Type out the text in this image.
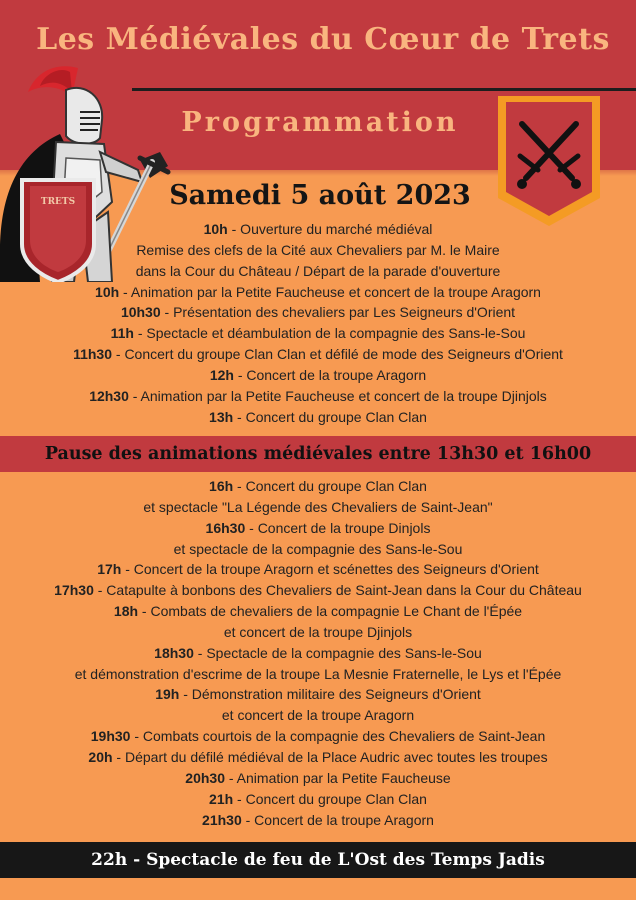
Les Médiévales du Cœur de Trets
Programmation
TRETS	Samedi 5 août 2023
10h - Ouverture du marché médiéval
Remise des clefs de la Cité aux Chevaliers par M. le Maire
dans la Cour du Château / Départ de la parade d'ouverture
10h - Animation par la Petite Faucheuse et concert de la troupe Aragorn
10h30 - Présentation des chevaliers par Les Seigneurs d'Orient
11h - Spectacle et déambulation de la compagnie des Sans-le-Sou
11h30 - Concert du groupe Clan Clan et défilé de mode des Seigneurs d'Orient
12h - Concert de la troupe Aragorn
12h30 - Animation par la Petite Faucheuse et concert de la troupe Djinjols
13h - Concert du groupe Clan Clan
Pause des animations médiévales entre 13h30 et 16h00
16h - Concert du groupe Clan Clan
et spectacle "La Légende des Chevaliers de Saint-Jean"
16h30 - Concert de la troupe Dinjols
et spectacle de la compagnie des Sans-le-Sou
17h - Concert de la troupe Aragorn et scénettes des Seigneurs d'Orient
17h30 - Catapulte à bonbons des Chevaliers de Saint-Jean dans la Cour du Château
18h - Combats de chevaliers de la compagnie Le Chant de l'Épée
et concert de la troupe Djinjols
18h30 - Spectacle de la compagnie des Sans-le-Sou
et démonstration d'escrime de la troupe La Mesnie Fraternelle, le Lys et l'Épée
19h - Démonstration militaire des Seigneurs d'Orient
et concert de la troupe Aragorn
19h30 - Combats courtois de la compagnie des Chevaliers de Saint-Jean
20h - Départ du défilé médiéval de la Place Audric avec toutes les troupes
20h30 - Animation par la Petite Faucheuse
21h - Concert du groupe Clan Clan
21h30 - Concert de la troupe Aragorn
22h - Spectacle de feu de L'Ost des Temps Jadis
